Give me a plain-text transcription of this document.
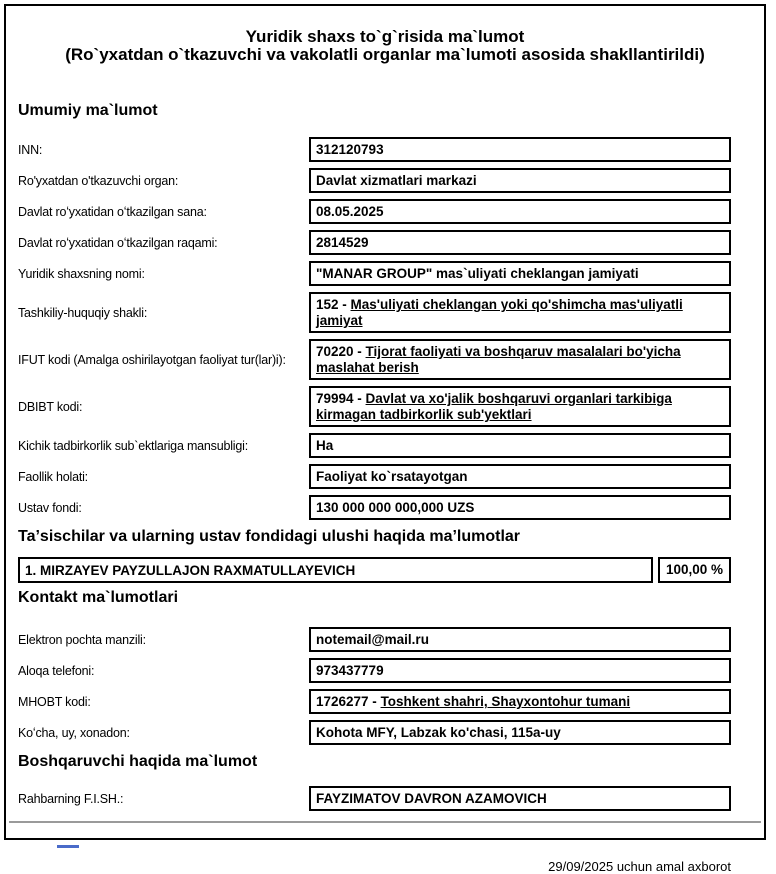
Yuridik shaxs to`g`risida ma`lumot
(Ro`yxatdan o`tkazuvchi va vakolatli organlar ma`lumoti asosida shakllantirildi)
Umumiy ma`lumot
INN:	312120793
Ro'yxatdan o'tkazuvchi organ:	Davlat xizmatlari markazi
Davlat roʻyxatidan oʻtkazilgan sana:	08.05.2025
Davlat roʻyxatidan oʻtkazilgan raqami:	2814529
Yuridik shaxsning nomi:	"MANAR GROUP" mas`uliyati cheklangan jamiyati
Tashkiliy-huquqiy shakli:
152 - Mas'uliyati cheklangan yoki qo'shimcha mas'uliyatli jamiyat
IFUT kodi (Amalga oshirilayotgan faoliyat tur(lar)i):
70220 - Tijorat faoliyati va boshqaruv masalalari bo'yicha maslahat berish
DBIBT kodi:
79994 - Davlat va xo'jalik boshqaruvi organlari tarkibiga kirmagan tadbirkorlik sub'yektlari
Kichik tadbirkorlik sub`ektlariga mansubligi:	Ha
Faollik holati:	Faoliyat ko`rsatayotgan
Ustav fondi:	130 000 000 000,000 UZS
Taʼsischilar va ularning ustav fondidagi ulushi haqida maʼlumotlar
1. MIRZAYEV PAYZULLAJON RAXMATULLAYEVICH	100,00 %
Kontakt ma`lumotlari
Elektron pochta manzili:	notemail@mail.ru
Aloqa telefoni:	973437779
MHOBT kodi:	1726277 - Toshkent shahri, Shayxontohur tumani
Koʻcha, uy, xonadon:	Kohota MFY, Labzak ko'chasi, 115a-uy
Boshqaruvchi haqida ma`lumot
Rahbarning F.I.SH.:	FAYZIMATOV DAVRON AZAMOVICH
29/09/2025 uchun amal axborot
